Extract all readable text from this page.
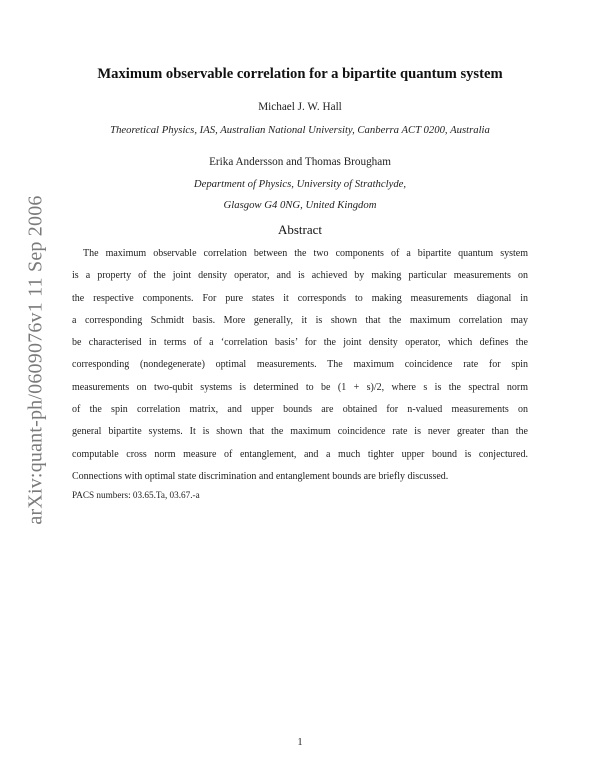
arXiv:quant-ph/0609076v1 11 Sep 2006
Maximum observable correlation for a bipartite quantum system
Michael J. W. Hall
Theoretical Physics, IAS, Australian National University, Canberra ACT 0200, Australia
Erika Andersson and Thomas Brougham
Department of Physics, University of Strathclyde,
Glasgow G4 0NG, United Kingdom
Abstract
The maximum observable correlation between the two components of a bipartite quantum system
is a property of the joint density operator, and is achieved by making particular measurements on
the respective components. For pure states it corresponds to making measurements diagonal in
a corresponding Schmidt basis. More generally, it is shown that the maximum correlation may
be characterised in terms of a ‘correlation basis’ for the joint density operator, which defines the
corresponding (nondegenerate) optimal measurements. The maximum coincidence rate for spin
measurements on two-qubit systems is determined to be (1 + s)/2, where s is the spectral norm
of the spin correlation matrix, and upper bounds are obtained for n-valued measurements on
general bipartite systems. It is shown that the maximum coincidence rate is never greater than the
computable cross norm measure of entanglement, and a much tighter upper bound is conjectured.
Connections with optimal state discrimination and entanglement bounds are briefly discussed.
PACS numbers: 03.65.Ta, 03.67.-a
1
